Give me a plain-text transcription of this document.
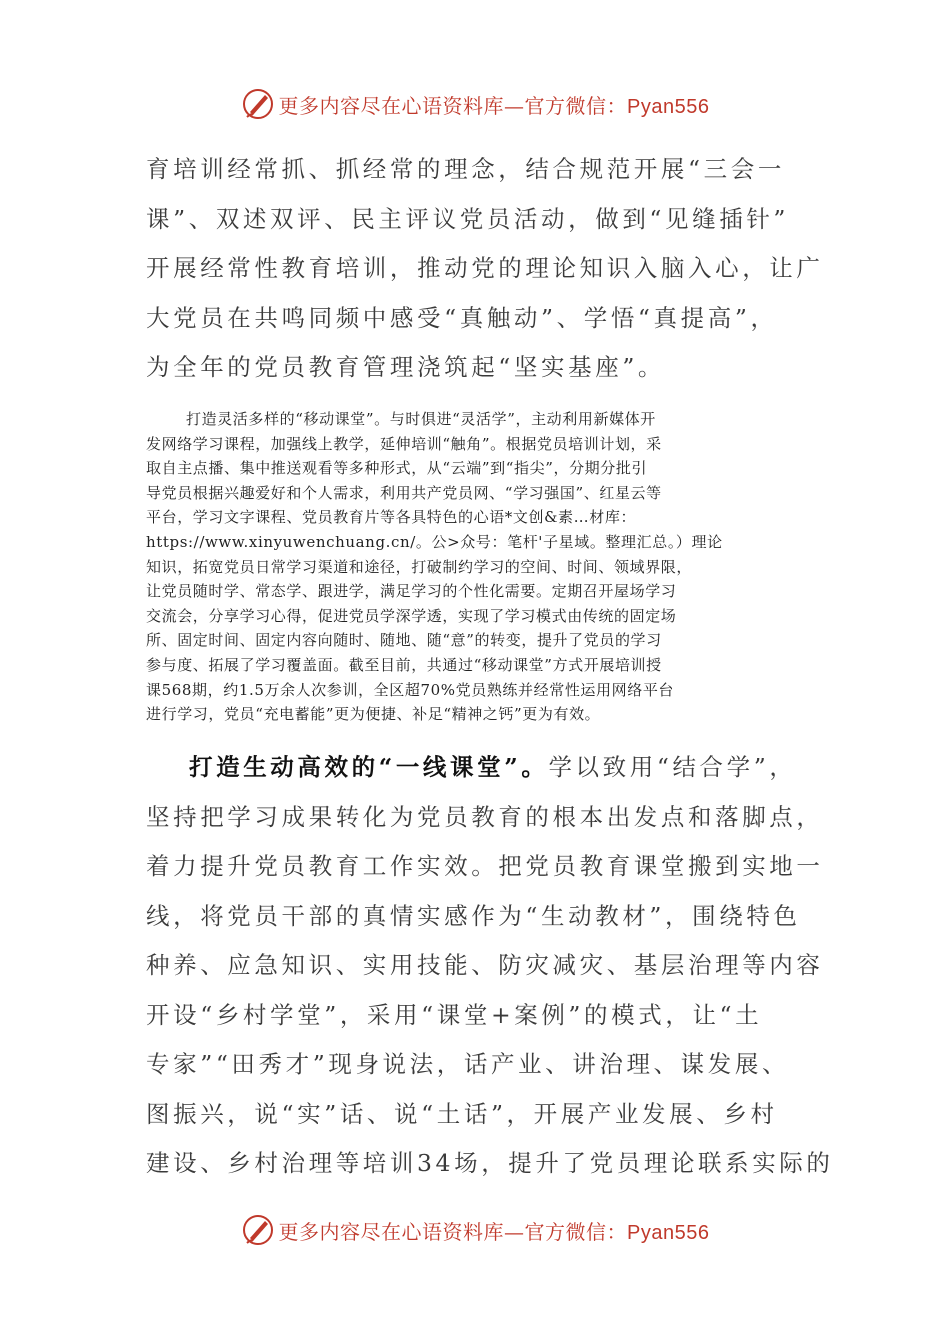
更多内容尽在心语资料库—官方微信：Pyan556
育培训经常抓、抓经常的理念，结合规范开展“三会一
课”、双述双评、民主评议党员活动，做到“见缝插针”
开展经常性教育培训，推动党的理论知识入脑入心，让广
大党员在共鸣同频中感受“真触动”、学悟“真提高”，
为全年的党员教育管理浇筑起“坚实基座”。
打造灵活多样的“移动课堂”。与时俱进“灵活学”，主动利用新媒体开
发网络学习课程，加强线上教学，延伸培训“触角”。根据党员培训计划，采
取自主点播、集中推送观看等多种形式，从“云端”到“指尖”，分期分批引
导党员根据兴趣爱好和个人需求，利用共产党员网、“学习强国”、红星云等
平台，学习文字课程、党员教育片等各具特色的心语*文创&素…材库：
https://www.xinyuwenchuang.cn/。公>众号：笔杆'子星域。整理汇总。）理论
知识，拓宽党员日常学习渠道和途径，打破制约学习的空间、时间、领域界限，
让党员随时学、常态学、跟进学，满足学习的个性化需要。定期召开屋场学习
交流会，分享学习心得，促进党员学深学透，实现了学习模式由传统的固定场
所、固定时间、固定内容向随时、随地、随“意”的转变，提升了党员的学习
参与度、拓展了学习覆盖面。截至目前，共通过“移动课堂”方式开展培训授
课568期，约1.5万余人次参训，全区超70%党员熟练并经常性运用网络平台
进行学习，党员“充电蓄能”更为便捷、补足“精神之钙”更为有效。
打造生动高效的“一线课堂”。学以致用“结合学”，
坚持把学习成果转化为党员教育的根本出发点和落脚点，
着力提升党员教育工作实效。把党员教育课堂搬到实地一
线，将党员干部的真情实感作为“生动教材”，围绕特色
种养、应急知识、实用技能、防灾减灾、基层治理等内容
开设“乡村学堂”，采用“课堂+案例”的模式，让“土
专家”“田秀才”现身说法，话产业、讲治理、谋发展、
图振兴，说“实”话、说“土话”，开展产业发展、乡村
建设、乡村治理等培训34场，提升了党员理论联系实际的
更多内容尽在心语资料库—官方微信：Pyan556
